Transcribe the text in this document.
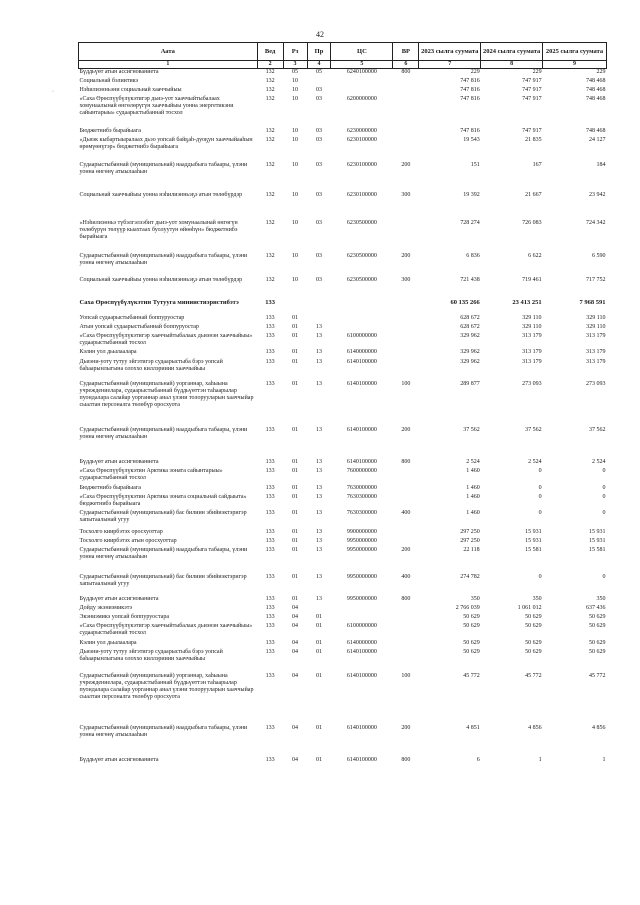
42
·
Аата	Вед	Рз	Пр	ЦС	ВР	2023 сылга суумата	2024 сылга суумата	2025 сылга суумата
1	2	3	4	5	6	7	8	9
Бүддьүөт атын ассигнованиета	132	05	05	6240100000	800	229	229	229
Социальнай бэлиитикэ	132	10				747 816	747 917	748 468
Нэһилиэнньэни социальнай хааччыйыы	132	10	03			747 816	747 917	748 468
«Саха Өрөспүүбүлүкэтигэр дьиэ-уот хааччыйтыбалаах хомунаалынай өнгөлөрүгүн хааччыйыы уонна энергетикэни сайынтарыы» судаарыстыбаннай тосхол	132	10	03	6200000000		747 816	747 917	748 468
Бюджетнибэ бырайыага	132	10	03	6230000000		747 816	747 917	748 468
«Дьиэк кыбартыыралаах дьэо уопсай байҕаһ-дуоҕун хааччыйааһын өрөмүөнүгэр» бюджетнибэ бырайыага	132	10	03	6230100000		19 543	21 835	24 127
Судаарыстыбаннай (муниципальнай) нааддыбыга табаары, үлэни уонна өнгөнү атыылааһын	132	10	03	6230100000	200	151	167	184
Социальнай хааччыйыы уонна нэһилиэнньэҕэ атын төлөбүрдэр	132	10	03	6230100000	300	19 392	21 667	23 942
«Нэһилиэнньэ түбэлгэлээбит дьиэ-уот хомунаалынай өнгөгүн төлөбүрүн төлүүр кыахтаах буолуутун өйөөһүн» бюджетнибэ бырайыага	132	10	03	6230500000		728 274	726 083	724 342
Судаарыстыбаннай (муниципальнай) нааддыбыга табаары, үлэни уонна өнгөнү атыылааһын	132	10	03	6230500000	200	6 836	6 622	6 590
Социальнай хааччыйыы уонна нэһилиэнньэҕэ атын төлөбүрдэр	132	10	03	6230500000	300	721 438	719 461	717 752
Саха Өрөспүүбүлүкэтин Тутууга миниистиэристибэтэ	133					60 135 266	23 413 251	7 968 591
Уопсай судаарыстыбаннай боппуруостар	133	01				628 672	329 110	329 110
Атын уопсай судаарыстыбаннай боппуруостар	133	01	13			628 672	329 110	329 110
«Саха Өрөспүүбүлүкэтигэр хааччыйтыбалаах дьиэнэн хааччыйыы» судаарыстыбаннай тосхол	133	01	13	6100000000		329 962	313 179	313 179
Кэлин уол дьылаалара	133	01	13	6140000000		329 962	313 179	313 179
Дьиэни-уоту тутуу эйгэтигэр судаарыстыба бэрэ уопсай баһаарынлыгына олоххо киллэрииии хааччыйыы	133	01	13	6140100000		329 962	313 179	313 179
Судаарыстыбаннай (муниципальнай) уорганнар, хаһыына учреждениелара, судаарыстыбаннай бүддьүөттэн таһаарылар пуондалара салайар уорганнар анал үлэни толорууларын хааччыйар сыалтан персоналга төлөбүр оросхуота	133	01	13	6140100000	100	289 877	273 093	273 093
Судаарыстыбаннай (муниципальнай) нааддыбыга табаары, үлэни уонна өнгөнү атыылааһын	133	01	13	6140100000	200	37 562	37 562	37 562
Бүддьүөт атын ассигнованиета	133	01	13	6140100000	800	2 524	2 524	2 524
«Саха Өрөспүүбүлүкэтин Арктика зоната сайынтарыы» судаарыстыбаннай тосхол	133	01	13	7600000000		1 460	0	0
Бюджетнибэ бырайыага	133	01	13	7630000000		1 460	0	0
«Саха Өрөспүүбүлүкэтин Арктика зоната социальнай сайдыыта» бюджетнибэ бырайыага	133	01	13	7630300000		1 460	0	0
Судаарыстыбаннай (муниципальнай) бас билиин эбийиэктэригэр хапытаалынай угуу	133	01	13	7630300000	400	1 460	0	0
Тосхолго киирбэтэх оросхуоттар	133	01	13	9900000000		297 250	15 931	15 931
Тосхолго киирбэтэх атын оросхуоттар	133	01	13	9950000000		297 250	15 931	15 931
Судаарыстыбаннай (муниципальнай) нааддыбыга табаары, үлэни уонна өнгөнү атыылааһын	133	01	13	9950000000	200	22 118	15 581	15 581
Судаарыстыбаннай (муниципальнай) бас билиин эбийиэктэригэр хапытаалынай угуу	133	01	13	9950000000	400	274 782	0	0
Бүддьүөт атын ассигнованиета	133	01	13	9950000000	800	350	350	350
Дойду экэниэмикэтэ	133	04				2 766 039	1 061 012	637 436
Экэниэмикэ уопсай боппуруостара	133	04	01			50 629	50 629	50 629
«Саха Өрөспүүбүлүкэтигэр хааччыйтыбалаах дьиэнэн хааччыйыы» судаарыстыбаннай тосхол	133	04	01	6100000000		50 629	50 629	50 629
Кэлин уол дьылаалара	133	04	01	6140000000		50 629	50 629	50 629
Дьиэни-уоту тутуу эйгэтигэр судаарыстыба бэрэ уопсай баһаарынлыгына олоххо киллэрииии хааччыйыы	133	04	01	6140100000		50 629	50 629	50 629
Судаарыстыбаннай (муниципальнай) уорганнар, хаһыына учреждениелара, судаарыстыбаннай бүддьүөттэн таһаарылар пуондалара салайар уорганнар анал үлэни толорууларын хааччыйар сыалтан персоналга төлөбүр оросхуота	133	04	01	6140100000	100	45 772	45 772	45 772
Судаарыстыбаннай (муниципальнай) нааддыбыга табаары, үлэни уонна өнгөнү атыылааһын	133	04	01	6140100000	200	4 851	4 856	4 856
Бүддьүөт атын ассигнованиета	133	04	01	6140100000	800	6	1	1
